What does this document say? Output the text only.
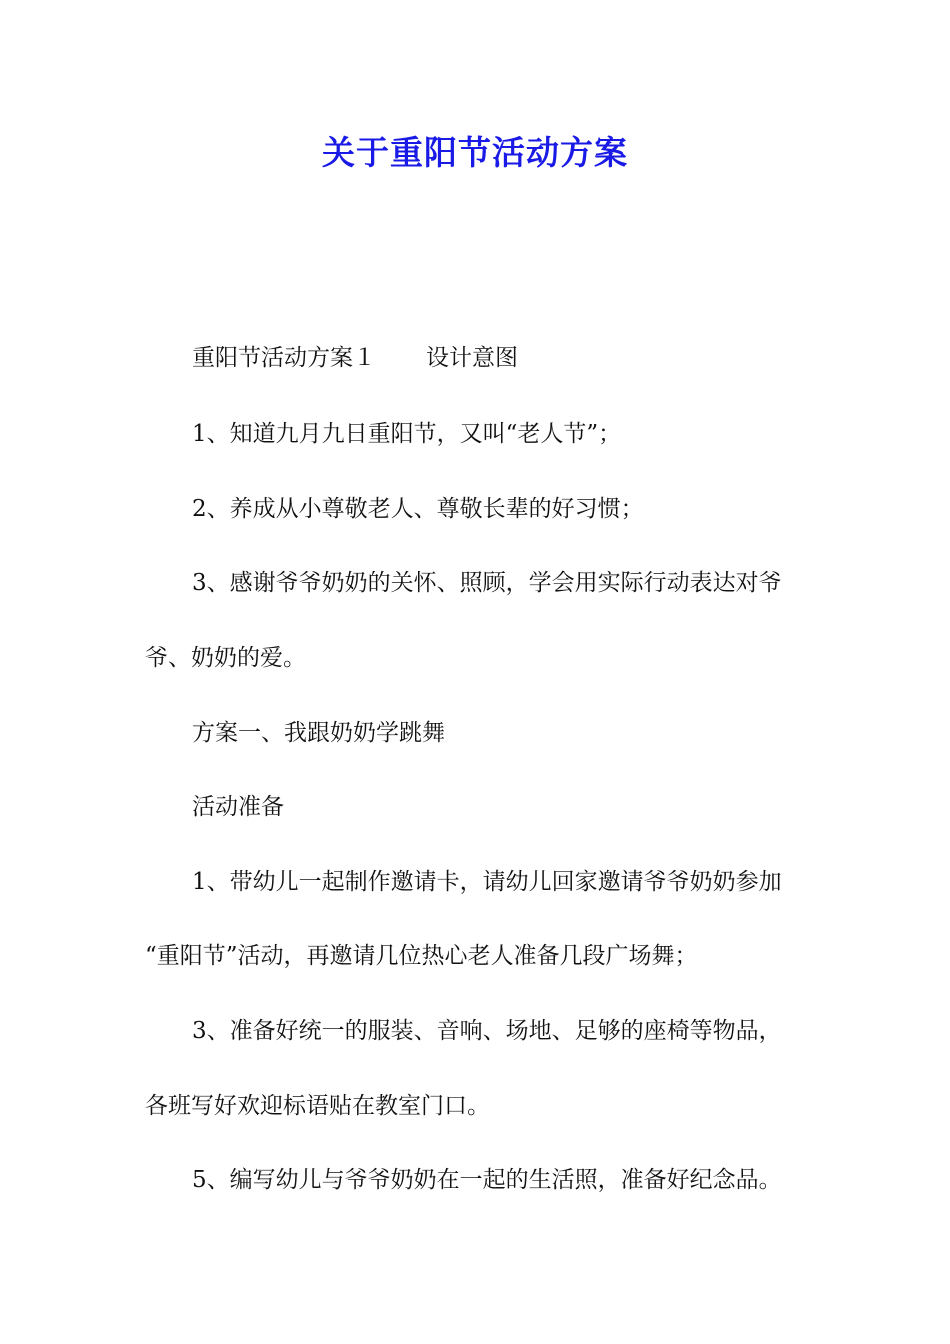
关于重阳节活动方案
重阳节活动方案１ 设计意图
1、知道九月九日重阳节，又叫“老人节”；
2、养成从小尊敬老人、尊敬长辈的好习惯；
3、感谢爷爷奶奶的关怀、照顾，学会用实际行动表达对爷
爷、奶奶的爱。
方案一、我跟奶奶学跳舞
活动准备
1、带幼儿一起制作邀请卡，请幼儿回家邀请爷爷奶奶参加
“重阳节”活动，再邀请几位热心老人准备几段广场舞；
3、准备好统一的服装、音响、场地、足够的座椅等物品，
各班写好欢迎标语贴在教室门口。
5、编写幼儿与爷爷奶奶在一起的生活照，准备好纪念品。
